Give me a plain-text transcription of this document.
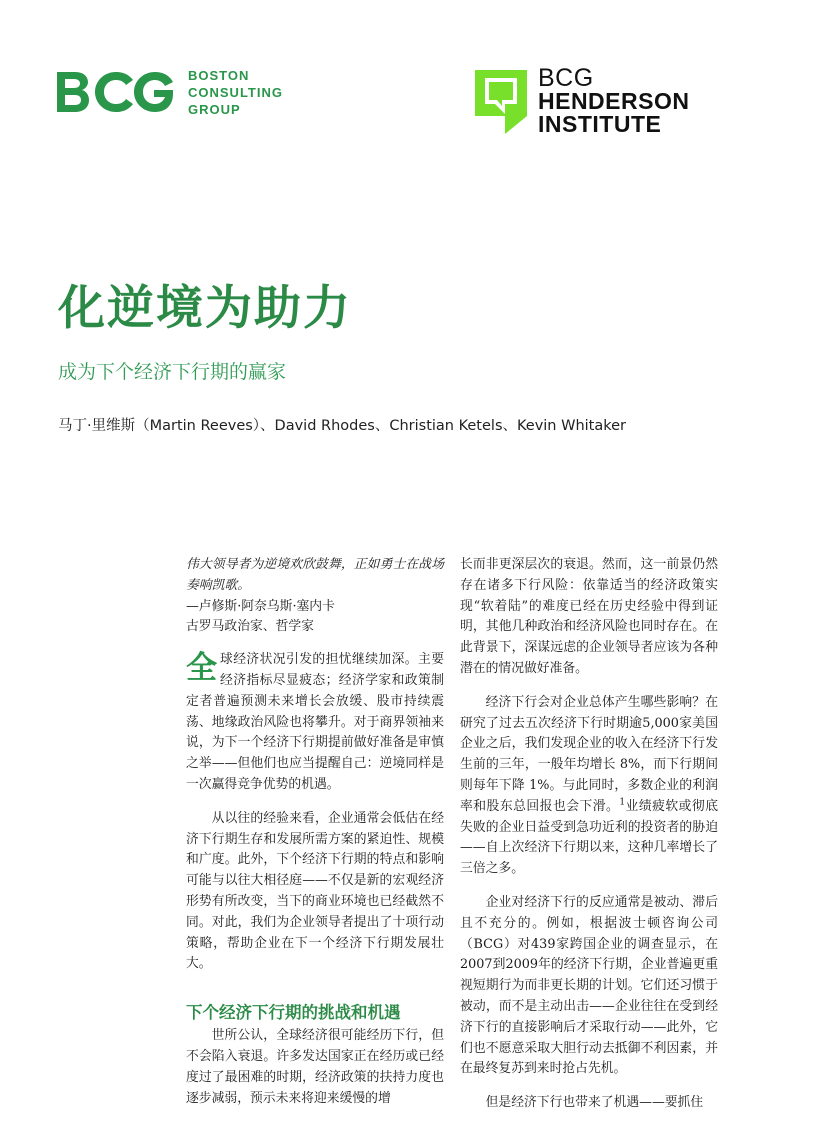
BOSTON
CONSULTING
GROUP
BCG
HENDERSON
INSTITUTE
化逆境为助力
成为下个经济下行期的赢家
马丁·里维斯（Martin Reeves）、David Rhodes、Christian Ketels、Kevin Whitaker

伟大领导者为逆境欢欣鼓舞，正如勇士在战场奏响凯歌。

—卢修斯·阿奈乌斯·塞内卡

古罗马政治家、哲学家

全球经济状况引发的担忧继续加深。主要经济指标尽显疲态；经济学家和政策制定者普遍预测未来增长会放缓、股市持续震荡、地缘政治风险也将攀升。对于商界领袖来说，为下一个经济下行期提前做好准备是审慎之举——但他们也应当提醒自己：逆境同样是一次赢得竞争优势的机遇。

从以往的经验来看，企业通常会低估在经济下行期生存和发展所需方案的紧迫性、规模和广度。此外，下个经济下行期的特点和影响可能与以往大相径庭——不仅是新的宏观经济形势有所改变，当下的商业环境也已经截然不同。对此，我们为企业领导者提出了十项行动策略，帮助企业在下一个经济下行期发展壮大。

下个经济下行期的挑战和机遇

世所公认，全球经济很可能经历下行，但不会陷入衰退。许多发达国家正在经历或已经度过了最困难的时期，经济政策的扶持力度也逐步减弱，预示未来将迎来缓慢的增

长而非更深层次的衰退。然而，这一前景仍然存在诸多下行风险：依靠适当的经济政策实现“软着陆”的难度已经在历史经验中得到证明，其他几种政治和经济风险也同时存在。在此背景下，深谋远虑的企业领导者应该为各种潜在的情况做好准备。

经济下行会对企业总体产生哪些影响？在研究了过去五次经济下行时期逾5,000家美国企业之后，我们发现企业的收入在经济下行发生前的三年，一般年均增长 8%，而下行期间则每年下降 1%。与此同时，多数企业的利润率和股东总回报也会下滑。$^1$业绩疲软或彻底失败的企业日益受到急功近利的投资者的胁迫——自上次经济下行期以来，这种几率增长了三倍之多。

企业对经济下行的反应通常是被动、滞后且不充分的。例如，根据波士顿咨询公司（BCG）对439家跨国企业的调查显示，在2007到2009年的经济下行期，企业普遍更重视短期行为而非更长期的计划。它们还习惯于被动，而不是主动出击——企业往往在受到经济下行的直接影响后才采取行动——此外，它们也不愿意采取大胆行动去抵御不利因素，并在最终复苏到来时抢占先机。

但是经济下行也带来了机遇——要抓住
